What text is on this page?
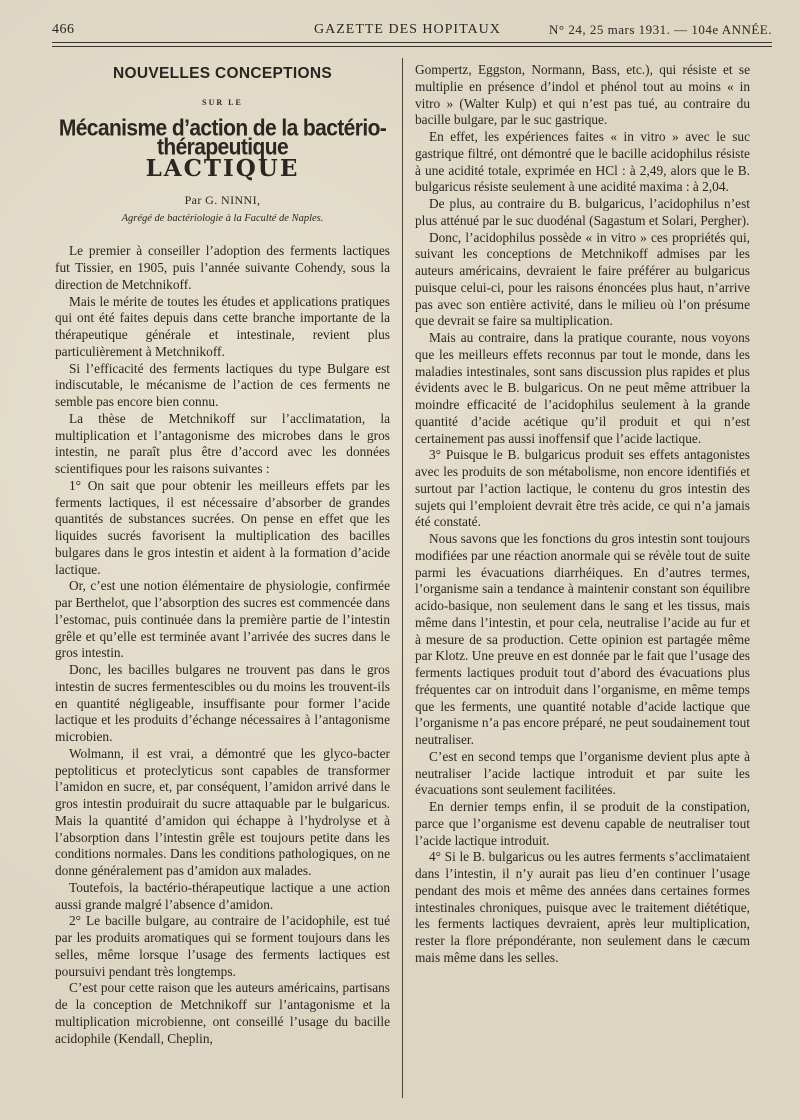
466	GAZETTE DES HOPITAUX	N° 24, 25 mars 1931. — 104e ANNÉE.
NOUVELLES CONCEPTIONS
SUR LE
Mécanisme d’action de la bactério-thérapeutique
LACTIQUE
Par G. NINNI,
Agrégé de bactériologie à la Faculté de Naples.

Le premier à conseiller l’adoption des ferments lactiques fut Tissier, en 1905, puis l’année suivante Cohendy, sous la direction de Metchnikoff.

Mais le mérite de toutes les études et applications pratiques qui ont été faites depuis dans cette branche importante de la thérapeutique générale et intestinale, revient plus particulièrement à Metchnikoff.

Si l’efficacité des ferments lactiques du type Bulgare est indiscutable, le mécanisme de l’action de ces ferments ne semble pas encore bien connu.

La thèse de Metchnikoff sur l’acclimatation, la multiplication et l’antagonisme des microbes dans le gros intestin, ne paraît plus être d’accord avec les données scientifiques pour les raisons suivantes :

1° On sait que pour obtenir les meilleurs effets par les ferments lactiques, il est nécessaire d’absorber de grandes quantités de substances sucrées. On pense en effet que les liquides sucrés favorisent la multiplication des bacilles bulgares dans le gros intestin et aident à la formation d’acide lactique.

Or, c’est une notion élémentaire de physiologie, confirmée par Berthelot, que l’absorption des sucres est commencée dans l’estomac, puis continuée dans la première partie de l’intestin grêle et qu’elle est terminée avant l’arrivée des sucres dans le gros intestin.

Donc, les bacilles bulgares ne trouvent pas dans le gros intestin de sucres fermentescibles ou du moins les trouvent-ils en quantité négligeable, insuffisante pour former l’acide lactique et les produits d’échange nécessaires à l’antagonisme microbien.

Wolmann, il est vrai, a démontré que les glyco-bacter peptoliticus et proteclyticus sont capables de transformer l’amidon en sucre, et, par conséquent, l’amidon arrivé dans le gros intestin produirait du sucre attaquable par le bulgaricus. Mais la quantité d’amidon qui échappe à l’hydrolyse et à l’absorption dans l’intestin grêle est toujours petite dans les conditions normales. Dans les conditions pathologiques, on ne donne généralement pas d’amidon aux malades.

Toutefois, la bactério-thérapeutique lactique a une action aussi grande malgré l’absence d’amidon.

2° Le bacille bulgare, au contraire de l’acidophile, est tué par les produits aromatiques qui se forment toujours dans les selles, même lorsque l’usage des ferments lactiques est poursuivi pendant très longtemps.

C’est pour cette raison que les auteurs américains, partisans de la conception de Metchnikoff sur l’antagonisme et la multiplication microbienne, ont conseillé l’usage du bacille acidophile (Kendall, Cheplin,

Gompertz, Eggston, Normann, Bass, etc.), qui résiste et se multiplie en présence d’indol et phénol tout au moins « in vitro » (Walter Kulp) et qui n’est pas tué, au contraire du bacille bulgare, par le suc gastrique.

En effet, les expériences faites « in vitro » avec le suc gastrique filtré, ont démontré que le bacille acidophilus résiste à une acidité totale, exprimée en HCl : à 2,49, alors que le B. bulgaricus résiste seulement à une acidité maxima : à 2,04.

De plus, au contraire du B. bulgaricus, l’acidophilus n’est plus atténué par le suc duodénal (Sagastum et Solari, Pergher).

Donc, l’acidophilus possède « in vitro » ces propriétés qui, suivant les conceptions de Metchnikoff admises par les auteurs américains, devraient le faire préférer au bulgaricus puisque celui-ci, pour les raisons énoncées plus haut, n’arrive pas avec son entière activité, dans le milieu où l’on présume que devrait se faire sa multiplication.

Mais au contraire, dans la pratique courante, nous voyons que les meilleurs effets reconnus par tout le monde, dans les maladies intestinales, sont sans discussion plus rapides et plus évidents avec le B. bulgaricus. On ne peut même attribuer la moindre efficacité de l’acidophilus seulement à la grande quantité d’acide acétique qu’il produit et qui n’est certainement pas aussi inoffensif que l’acide lactique.

3° Puisque le B. bulgaricus produit ses effets antagonistes avec les produits de son métabolisme, non encore identifiés et surtout par l’action lactique, le contenu du gros intestin des sujets qui l’emploient devrait être très acide, ce qui n’a jamais été constaté.

Nous savons que les fonctions du gros intestin sont toujours modifiées par une réaction anormale qui se révèle tout de suite parmi les évacuations diarrhéiques. En d’autres termes, l’organisme sain a tendance à maintenir constant son équilibre acido-basique, non seulement dans le sang et les tissus, mais même dans l’intestin, et pour cela, neutralise l’acide au fur et à mesure de sa production. Cette opinion est partagée même par Klotz. Une preuve en est donnée par le fait que l’usage des ferments lactiques produit tout d’abord des évacuations plus fréquentes car on introduit dans l’organisme, en même temps que les ferments, une quantité notable d’acide lactique que l’organisme n’a pas encore préparé, ne peut soudainement tout neutraliser.

C’est en second temps que l’organisme devient plus apte à neutraliser l’acide lactique introduit et par suite les évacuations sont seulement facilitées.

En dernier temps enfin, il se produit de la constipation, parce que l’organisme est devenu capable de neutraliser tout l’acide lactique introduit.

4° Si le B. bulgaricus ou les autres ferments s’acclimataient dans l’intestin, il n’y aurait pas lieu d’en continuer l’usage pendant des mois et même des années dans certaines formes intestinales chroniques, puisque avec le traitement diététique, les ferments lactiques devraient, après leur multiplication, rester la flore prépondérante, non seulement dans le cæcum mais même dans les selles.
